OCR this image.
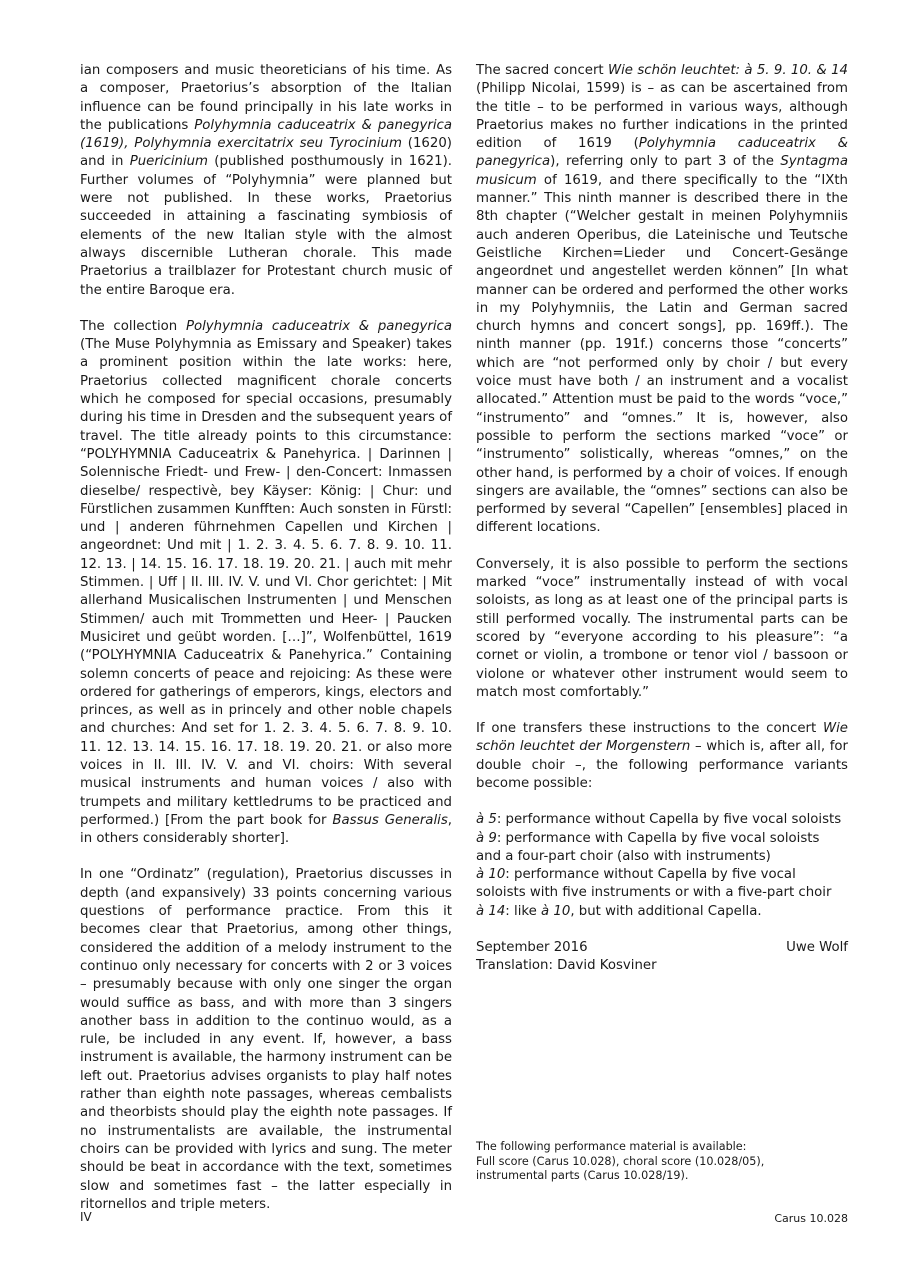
ian composers and music theoreticians of his time. As a composer, Praetorius’s absorption of the Italian influence can be found principally in his late works in the publications Polyhymnia caduceatrix & panegyrica (1619), Polyhymnia exercitatrix seu Tyrocinium (1620) and in Puericinium (published posthumously in 1621). Further volumes of “Polyhymnia” were planned but were not published. In these works, Praetorius succeeded in attaining a fascinating symbiosis of elements of the new Italian style with the almost always discernible Lutheran chorale. This made Praetorius a trailblazer for Protestant church music of the entire Baroque era.

The collection Polyhymnia caduceatrix & panegyrica (The Muse Polyhymnia as Emissary and Speaker) takes a prominent position within the late works: here, Praetorius collected magnificent chorale concerts which he composed for special occasions, presumably during his time in Dresden and the subsequent years of travel. The title already points to this circumstance: “POLYHYMNIA Caduceatrix & Panehyrica. | Darinnen | Solennische Friedt- und Frew- | den-Concert: Inmassen dieselbe/ respectivè, bey Käyser: König: | Chur: und Fürstlichen zusammen Kunfften: Auch sonsten in Fürstl: und | anderen führnehmen Capellen und Kirchen | angeordnet: Und mit | 1. 2. 3. 4. 5. 6. 7. 8. 9. 10. 11. 12. 13. | 14. 15. 16. 17. 18. 19. 20. 21. | auch mit mehr Stimmen. | Uff | II. III. IV. V. und VI. Chor gerichtet: | Mit allerhand Musicalischen Instrumenten | und Menschen Stimmen/ auch mit Trommetten und Heer- | Paucken Musiciret und geübt worden. […]”, Wolfenbüttel, 1619 (“POLYHYMNIA Caduceatrix & Panehyrica.” Containing solemn concerts of peace and rejoicing: As these were ordered for gatherings of emperors, kings, electors and princes, as well as in princely and other noble chapels and churches: And set for 1. 2. 3. 4. 5. 6. 7. 8. 9. 10. 11. 12. 13. 14. 15. 16. 17. 18. 19. 20. 21. or also more voices in II. III. IV. V. and VI. choirs: With several musical instruments and human voices / also with trumpets and military kettledrums to be practiced and performed.) [From the part book for Bassus Generalis, in others considerably shorter].

In one “Ordinatz” (regulation), Praetorius discusses in depth (and expansively) 33 points concerning various questions of performance practice. From this it becomes clear that Praetorius, among other things, considered the addition of a melody instrument to the continuo only necessary for concerts with 2 or 3 voices – presumably because with only one singer the organ would suffice as bass, and with more than 3 singers another bass in addition to the continuo would, as a rule, be included in any event. If, however, a bass instrument is available, the harmony instrument can be left out. Praetorius advises organists to play half notes rather than eighth note passages, whereas cembalists and theorbists should play the eighth note passages. If no instrumentalists are available, the instrumental choirs can be provided with lyrics and sung. The meter should be beat in accordance with the text, sometimes slow and sometimes fast – the latter especially in ritornellos and triple meters.

The sacred concert Wie schön leuchtet: à 5. 9. 10. & 14 (Philipp Nicolai, 1599) is – as can be ascertained from the title – to be performed in various ways, although Praetorius makes no further indications in the printed edition of 1619 (Polyhymnia caduceatrix & panegyrica), referring only to part 3 of the Syntagma musicum of 1619, and there specifically to the “IXth manner.” This ninth manner is described there in the 8th chapter (“Welcher gestalt in meinen Polyhymniis auch anderen Operibus, die Lateinische und Teutsche Geistliche Kirchen=Lieder und Concert-Gesänge angeordnet und angestellet werden können” [In what manner can be ordered and performed the other works in my Polyhymniis, the Latin and German sacred church hymns and concert songs], pp. 169ff.). The ninth manner (pp. 191f.) concerns those “concerts” which are “not performed only by choir / but every voice must have both / an instrument and a vocalist allocated.” Attention must be paid to the words “voce,” “instrumento” and “omnes.” It is, however, also possible to perform the sections marked “voce” or “instrumento” solistically, whereas “omnes,” on the other hand, is performed by a choir of voices. If enough singers are available, the “omnes” sections can also be performed by several “Capellen” [ensembles] placed in different locations.

Conversely, it is also possible to perform the sections marked “voce” instrumentally instead of with vocal soloists, as long as at least one of the principal parts is still performed vocally. The instrumental parts can be scored by “everyone according to his pleasure”: “a cornet or violin, a trombone or tenor viol / bassoon or violone or whatever other instrument would seem to match most comfortably.”

If one transfers these instructions to the concert Wie schön leuchtet der Morgenstern – which is, after all, for double choir –, the following performance variants become possible:

à 5: performance without Capella by five vocal soloists

à 9: performance with Capella by five vocal soloists and a four-part choir (also with instruments)

à 10: performance without Capella by five vocal soloists with five instruments or with a five-part choir

à 14: like à 10, but with additional Capella.

September 2016	Uwe Wolf
Translation: David Kosviner
The following performance material is available:
Full score (Carus 10.028), choral score (10.028/05),
instrumental parts (Carus 10.028/19).
IV	Carus 10.028
